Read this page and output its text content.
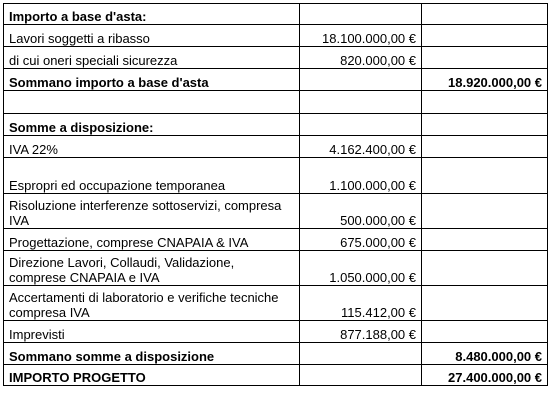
Importo a base d'asta:		
Lavori soggetti a ribasso	18.100.000,00 €	
di cui oneri speciali sicurezza	820.000,00 €	
Sommano importo a base d'asta		18.920.000,00 €

Somme a disposizione:		
IVA 22%	4.162.400,00 €	
Espropri ed occupazione temporanea	1.100.000,00 €	
Risoluzione interferenze sottoservizi, compresa IVA	500.000,00 €	
Progettazione, comprese CNAPAIA & IVA	675.000,00 €	
Direzione Lavori, Collaudi, Validazione, comprese CNAPAIA e IVA	1.050.000,00 €	
Accertamenti di laboratorio e verifiche tecniche compresa IVA	115.412,00 €	
Imprevisti	877.188,00 €	
Sommano somme a disposizione		8.480.000,00 €
IMPORTO PROGETTO		27.400.000,00 €
